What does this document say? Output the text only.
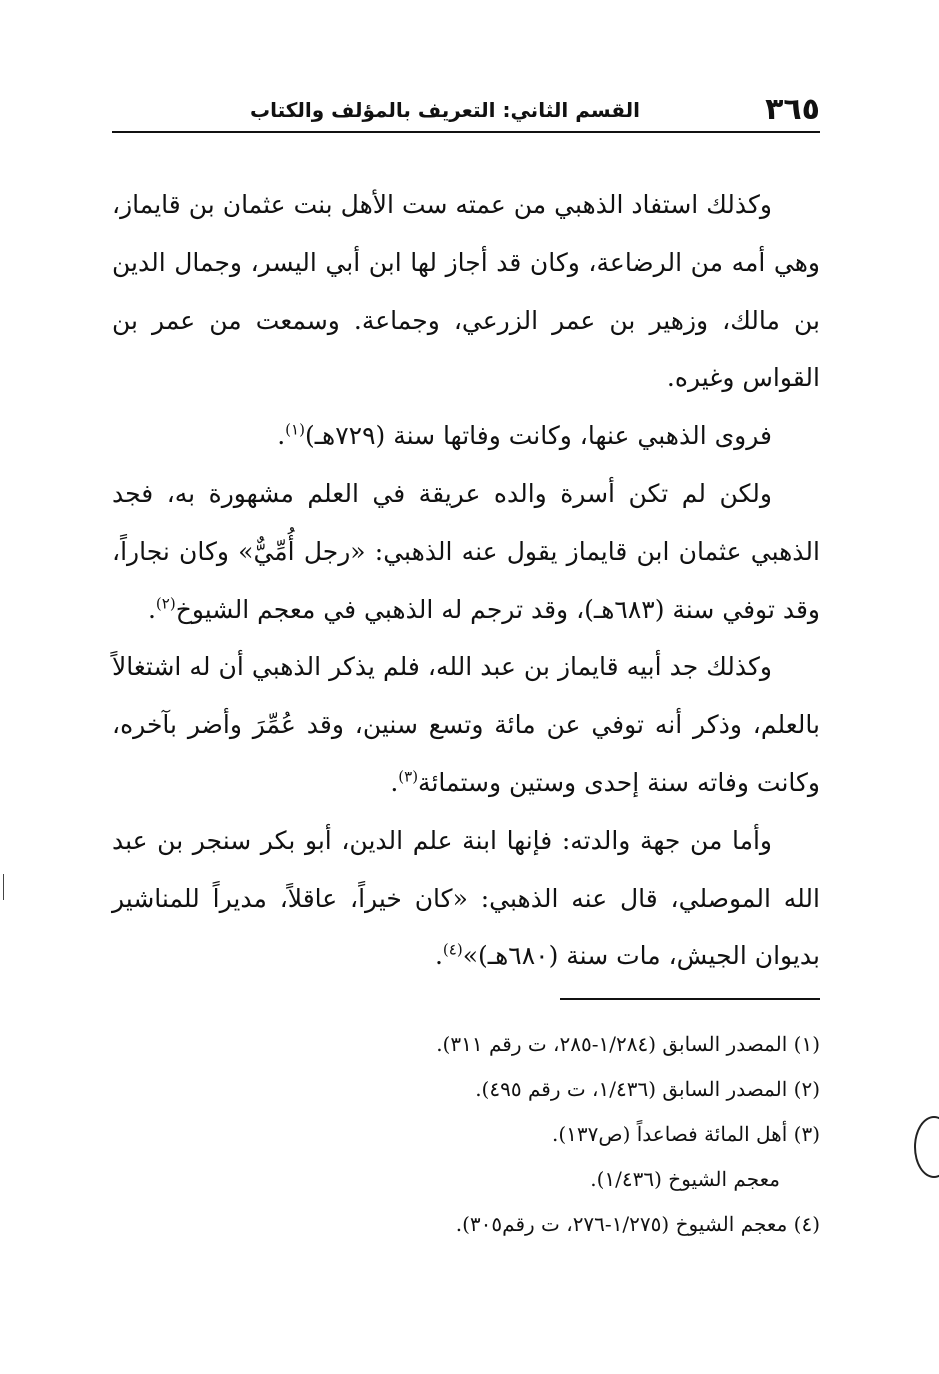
٣٦٥
القسم الثاني: التعريف بالمؤلف والكتاب

وكذلك استفاد الذهبي من عمته ست الأهل بنت عثمان بن قايماز، وهي أمه من الرضاعة، وكان قد أجاز لها ابن أبي اليسر، وجمال الدين بن مالك، وزهير بن عمر الزرعي، وجماعة. وسمعت من عمر بن القواس وغيره.

فروى الذهبي عنها، وكانت وفاتها سنة (٧٢٩هـ)$^{(١)}$.

ولكن لم تكن أسرة والده عريقة في العلم مشهورة به، فجد الذهبي عثمان ابن قايماز يقول عنه الذهبي: «رجل أُمِّيٌّ» وكان نجاراً، وقد توفي سنة (٦٨٣هـ)، وقد ترجم له الذهبي في معجم الشيوخ$^{(٢)}$.

وكذلك جد أبيه قايماز بن عبد الله، فلم يذكر الذهبي أن له اشتغالاً بالعلم، وذكر أنه توفي عن مائة وتسع سنين، وقد عُمِّرَ وأضر بآخره، وكانت وفاته سنة إحدى وستين وستمائة$^{(٣)}$.

وأما من جهة والدته: فإنها ابنة علم الدين، أبو بكر سنجر بن عبد الله الموصلي، قال عنه الذهبي: «كان خيراً، عاقلاً، مديراً للمناشير بديوان الجيش، مات سنة (٦٨٠هـ)»$^{(٤)}$.

(١) المصدر السابق (١/٢٨٤-٢٨٥، ت رقم ٣١١).
(٢) المصدر السابق (١/٤٣٦، ت رقم ٤٩٥).
(٣) أهل المائة فصاعداً (ص١٣٧).
معجم الشيوخ (١/٤٣٦).
(٤) معجم الشيوخ (١/٢٧٥-٢٧٦، ت رقم٣٠٥).
